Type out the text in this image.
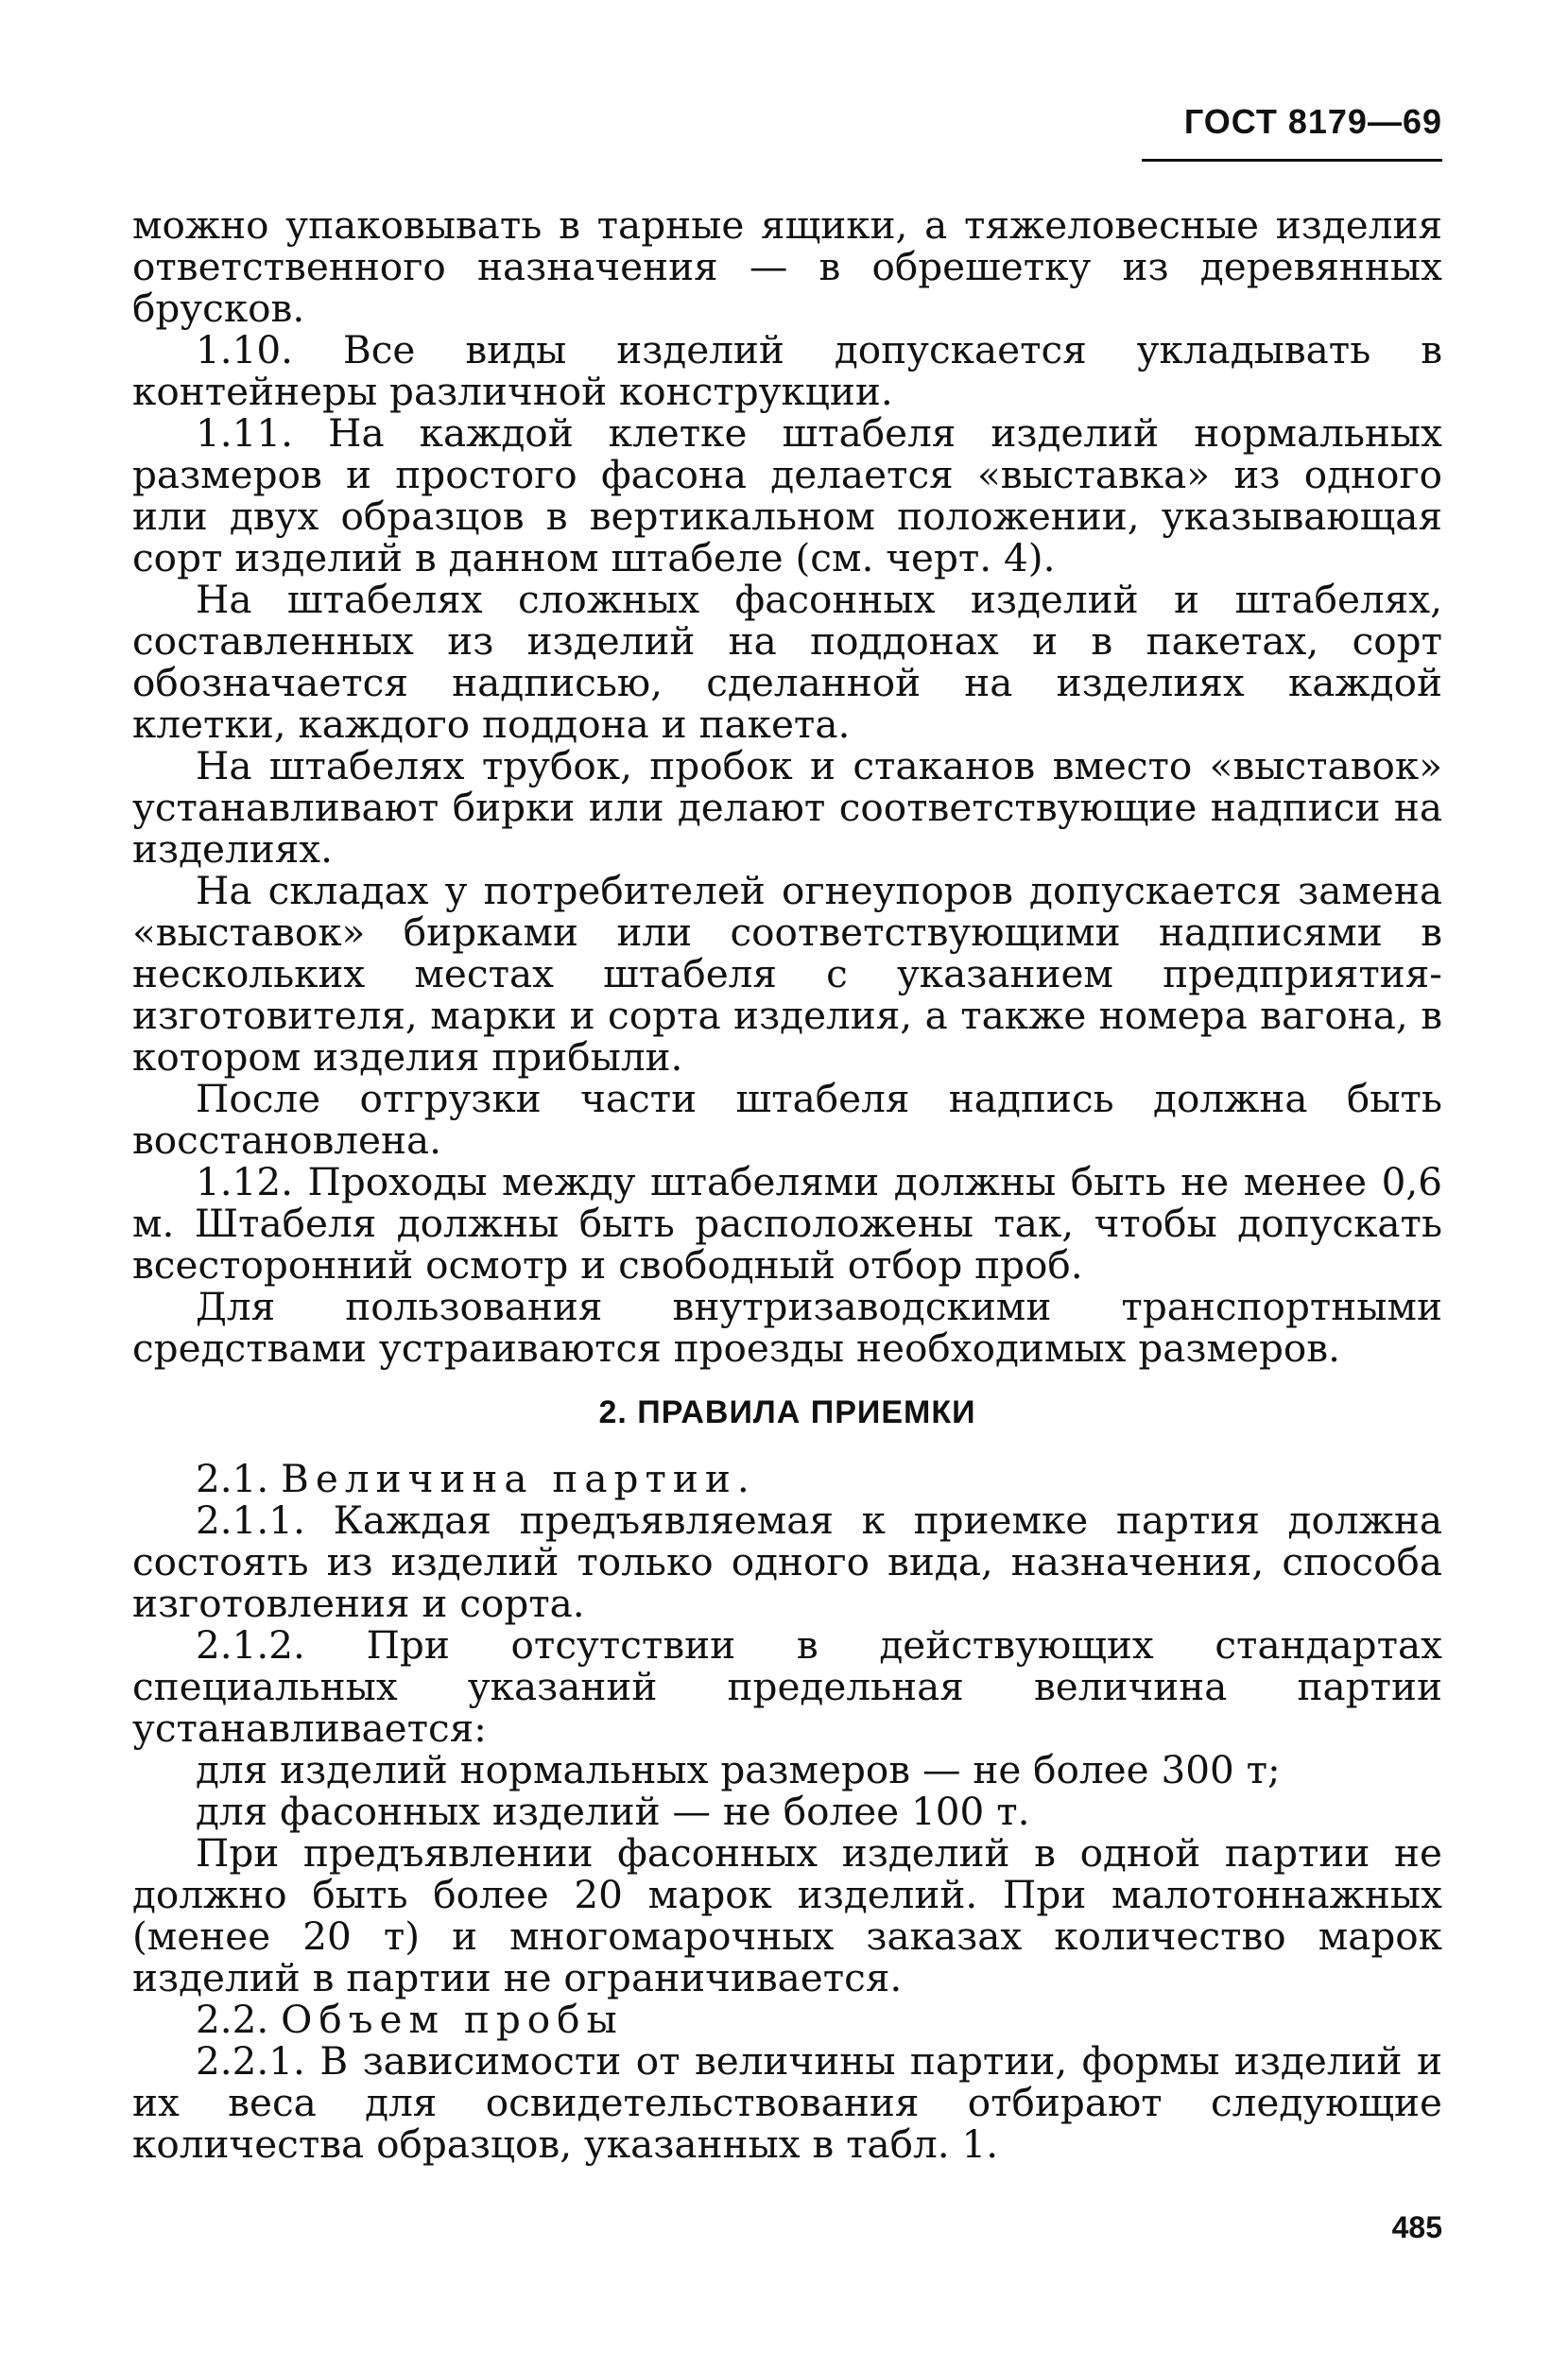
ГОСТ 8179—69

можно упаковывать в тарные ящики, а тяжеловесные изделия ответственного назначения — в обрешетку из деревянных брусков.

1.10. Все виды изделий допускается укладывать в контейнеры различной конструкции.

1.11. На каждой клетке штабеля изделий нормальных размеров и простого фасона делается «выставка» из одного или двух образцов в вертикальном положении, указывающая сорт изделий в данном штабеле (см. черт. 4).

На штабелях сложных фасонных изделий и штабелях, составленных из изделий на поддонах и в пакетах, сорт обозначается надписью, сделанной на изделиях каждой клетки, каждого поддона и пакета.

На штабелях трубок, пробок и стаканов вместо «выставок» устанавливают бирки или делают соответствующие надписи на изделиях.

На складах у потребителей огнеупоров допускается замена «выставок» бирками или соответствующими надписями в нескольких местах штабеля с указанием предприятия-изготовителя, марки и сорта изделия, а также номера вагона, в котором изделия прибыли.

После отгрузки части штабеля надпись должна быть восстановлена.

1.12. Проходы между штабелями должны быть не менее 0,6 м. Штабеля должны быть расположены так, чтобы допускать всесторонний осмотр и свободный отбор проб.

Для пользования внутризаводскими транспортными средствами устраиваются проезды необходимых размеров.

2. ПРАВИЛА ПРИЕМКИ

2.1. Величина партии.

2.1.1. Каждая предъявляемая к приемке партия должна состоять из изделий только одного вида, назначения, способа изготовления и сорта.

2.1.2. При отсутствии в действующих стандартах специальных указаний предельная величина партии устанавливается:

для изделий нормальных размеров — не более 300 т;

для фасонных изделий — не более 100 т.

При предъявлении фасонных изделий в одной партии не должно быть более 20 марок изделий. При малотоннажных (менее 20 т) и многомарочных заказах количество марок изделий в партии не ограничивается.

2.2. Объем пробы

2.2.1. В зависимости от величины партии, формы изделий и их веса для освидетельствования отбирают следующие количества образцов, указанных в табл. 1.

485
